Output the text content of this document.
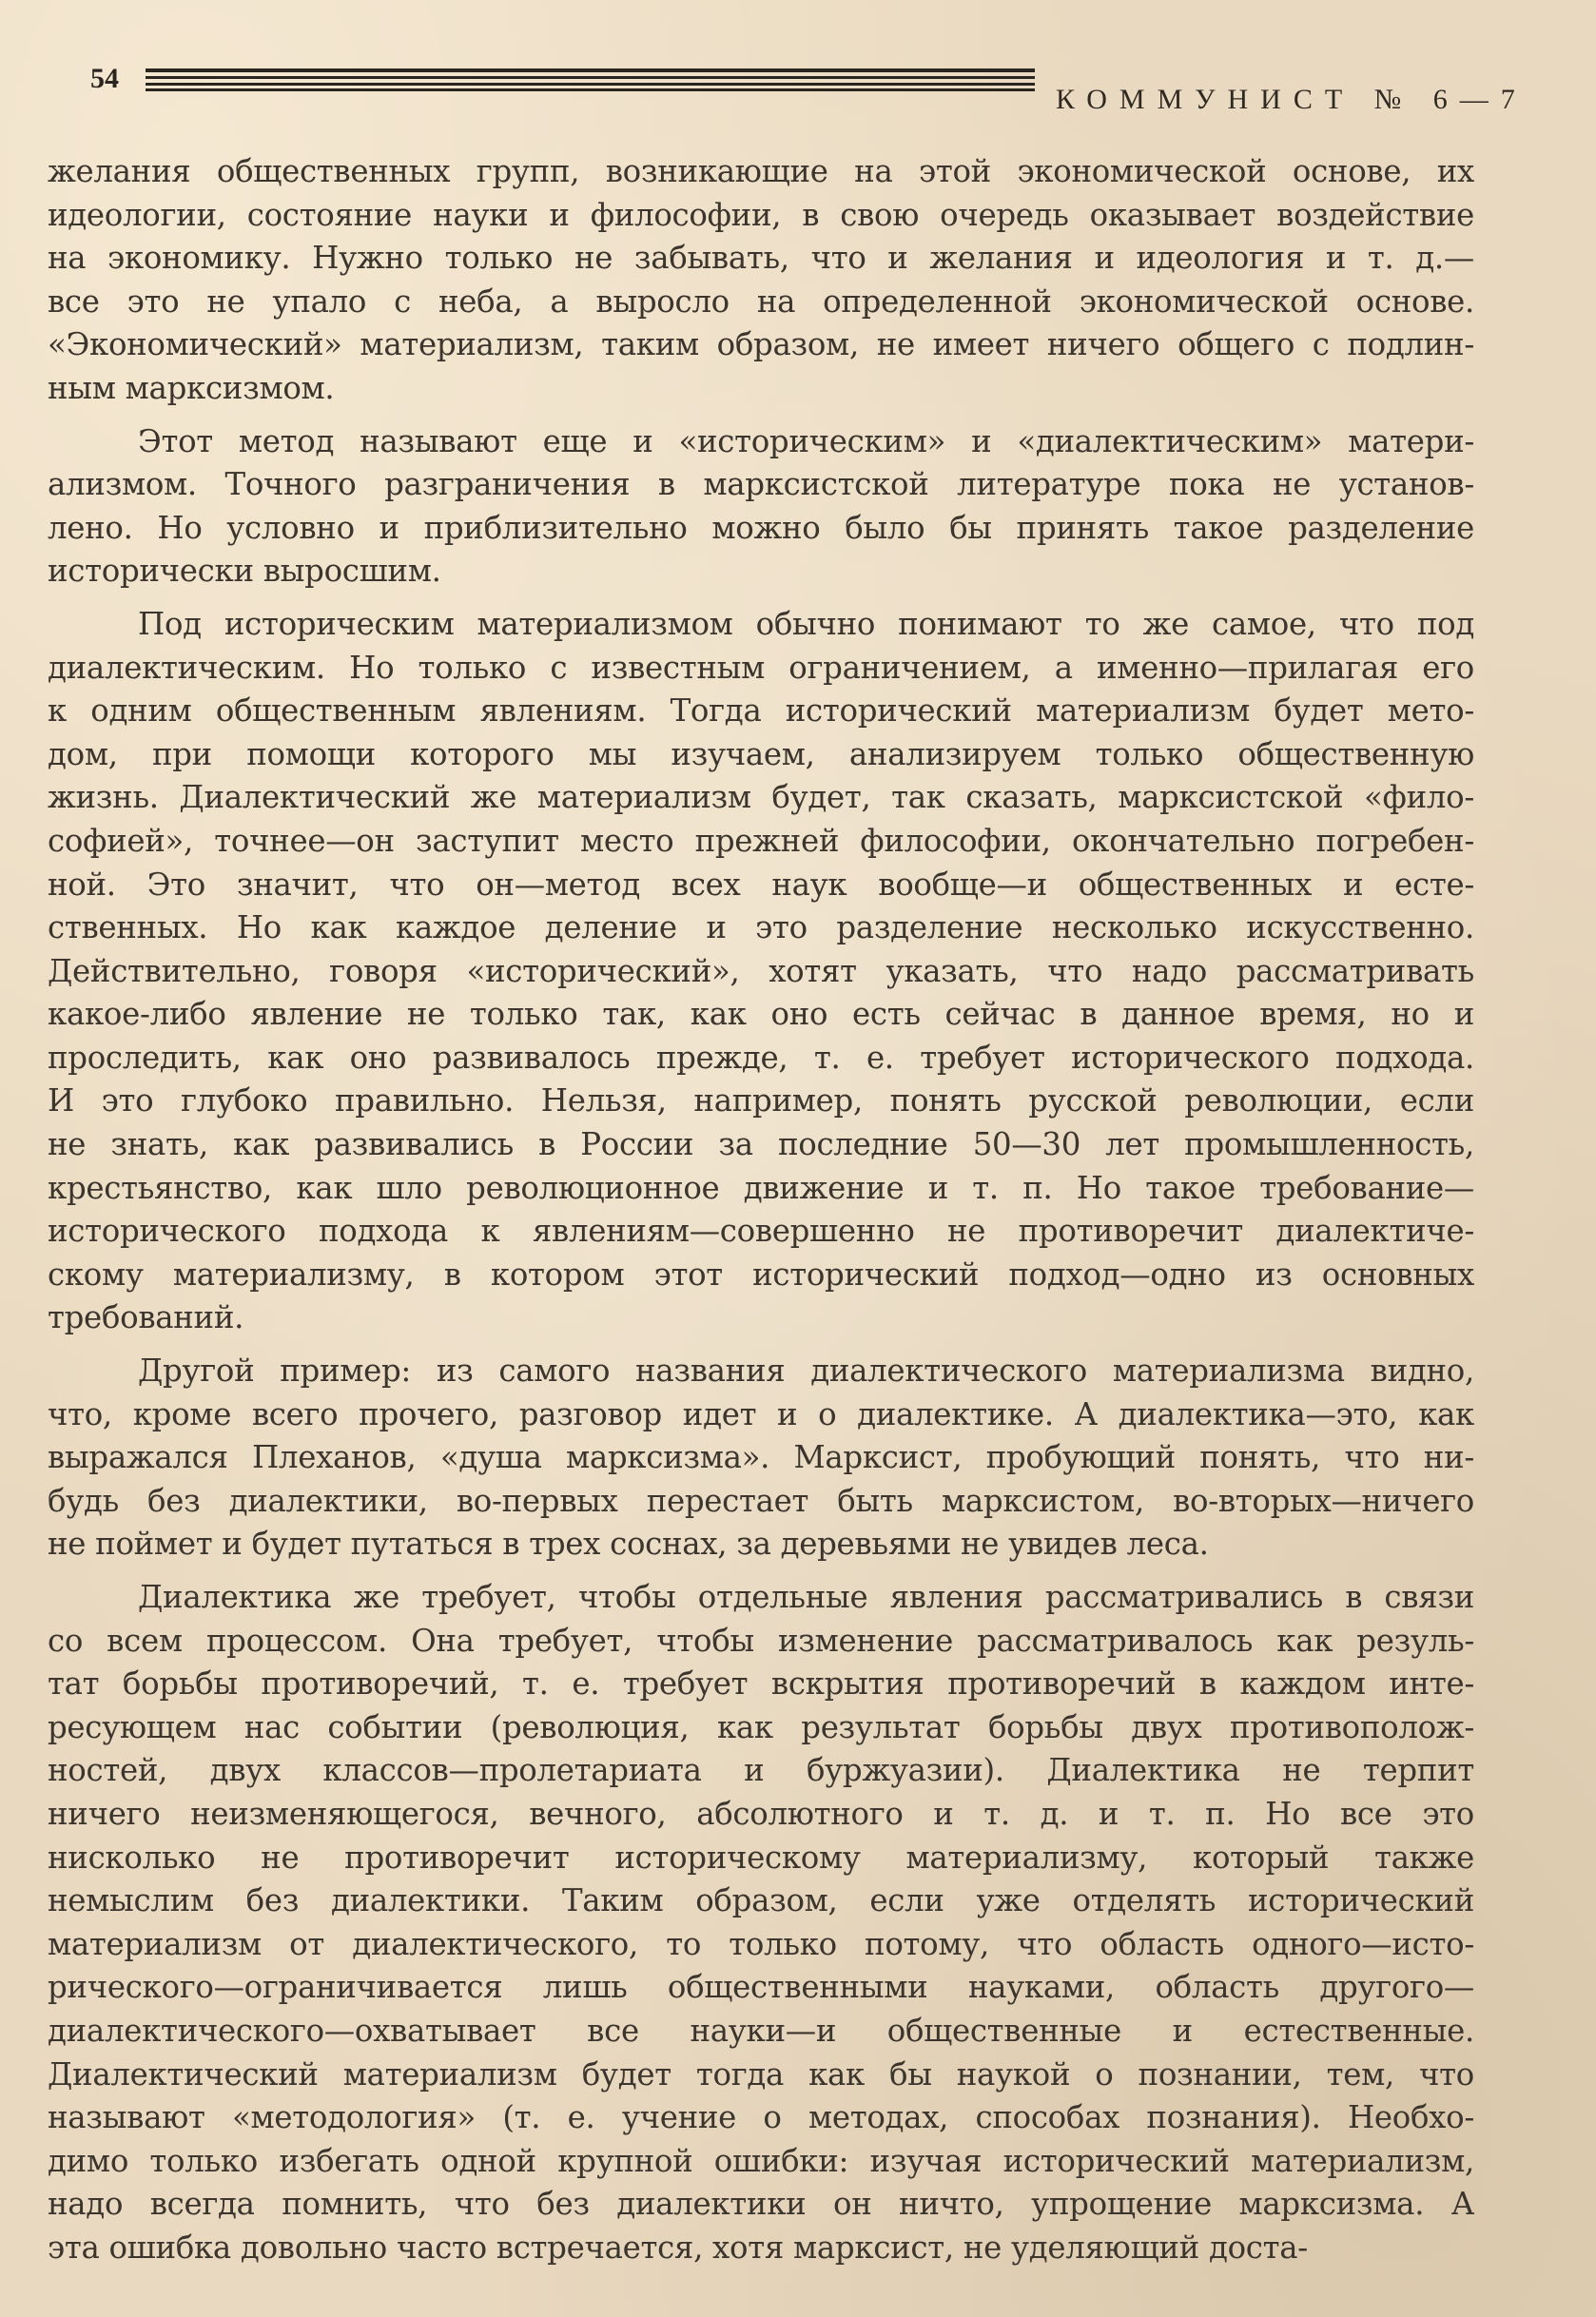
54
КОММУНИСТ № 6—7
желания общественных групп, возникающие на этой экономической основе, их
идеологии, состояние науки и философии, в свою очередь оказывает воздействие
на экономику. Нужно только не забывать, что и желания и идеология и т. д.—
все это не упало с неба, а выросло на определенной экономической основе.
«Экономический» материализм, таким образом, не имеет ничего общего с подлин-
ным марксизмом.
Этот метод называют еще и «историческим» и «диалектическим» матери-
ализмом. Точного разграничения в марксистской литературе пока не установ-
лено. Но условно и приблизительно можно было бы принять такое разделение
исторически выросшим.
Под историческим материализмом обычно понимают то же самое, что под
диалектическим. Но только с известным ограничением, а именно—прилагая его
к одним общественным явлениям. Тогда исторический материализм будет мето-
дом, при помощи которого мы изучаем, анализируем только общественную
жизнь. Диалектический же материализм будет, так сказать, марксистской «фило-
софией», точнее—он заступит место прежней философии, окончательно погребен-
ной. Это значит, что он—метод всех наук вообще—и общественных и есте-
ственных. Но как каждое деление и это разделение несколько искусственно.
Действительно, говоря «исторический», хотят указать, что надо рассматривать
какое-либо явление не только так, как оно есть сейчас в данное время, но и
проследить, как оно развивалось прежде, т. е. требует исторического подхода.
И это глубоко правильно. Нельзя, например, понять русской революции, если
не знать, как развивались в России за последние 50—30 лет промышленность,
крестьянство, как шло революционное движение и т. п. Но такое требование—
исторического подхода к явлениям—совершенно не противоречит диалектиче-
скому материализму, в котором этот исторический подход—одно из основных
требований.
Другой пример: из самого названия диалектического материализма видно,
что, кроме всего прочего, разговор идет и о диалектике. А диалектика—это, как
выражался Плеханов, «душа марксизма». Марксист, пробующий понять, что ни-
будь без диалектики, во-первых перестает быть марксистом, во-вторых—ничего
не поймет и будет путаться в трех соснах, за деревьями не увидев леса.
Диалектика же требует, чтобы отдельные явления рассматривались в связи
со всем процессом. Она требует, чтобы изменение рассматривалось как резуль-
тат борьбы противоречий, т. е. требует вскрытия противоречий в каждом инте-
ресующем нас событии (революция, как результат борьбы двух противополож-
ностей, двух классов—пролетариата и буржуазии). Диалектика не терпит
ничего неизменяющегося, вечного, абсолютного и т. д. и т. п. Но все это
нисколько не противоречит историческому материализму, который также
немыслим без диалектики. Таким образом, если уже отделять исторический
материализм от диалектического, то только потому, что область одного—исто-
рического—ограничивается лишь общественными науками, область другого—
диалектического—охватывает все науки—и общественные и естественные.
Диалектический материализм будет тогда как бы наукой о познании, тем, что
называют «методология» (т. е. учение о методах, способах познания). Необхо-
димо только избегать одной крупной ошибки: изучая исторический материализм,
надо всегда помнить, что без диалектики он ничто, упрощение марксизма. А
эта ошибка довольно часто встречается, хотя марксист, не уделяющий доста-
